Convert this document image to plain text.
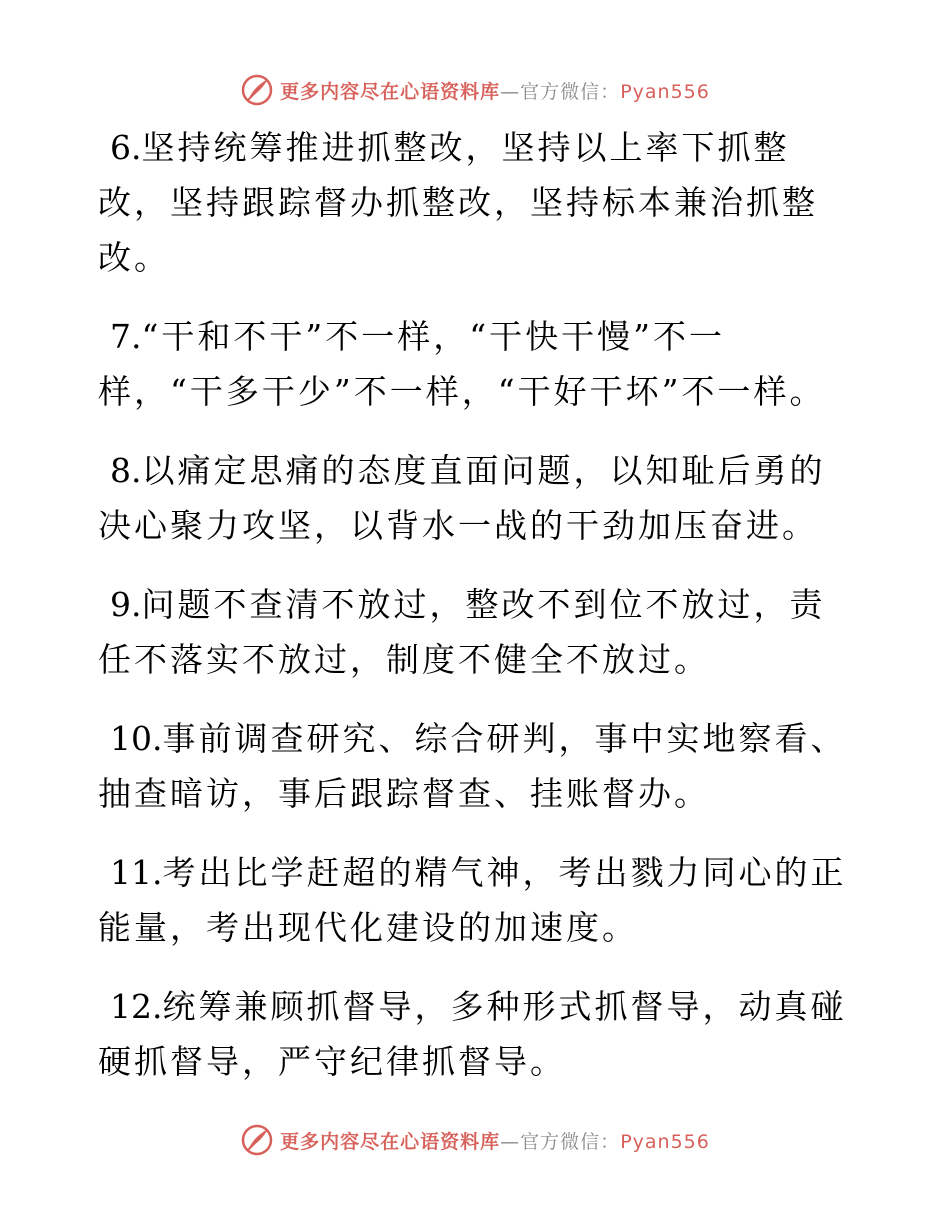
更多内容尽在心语资料库—官方微信：Pyan556

6.坚持统筹推进抓整改，坚持以上率下抓整改，坚持跟踪督办抓整改，坚持标本兼治抓整改。

7.“干和不干”不一样，“干快干慢”不一样，“干多干少”不一样，“干好干坏”不一样。

8.以痛定思痛的态度直面问题，以知耻后勇的决心聚力攻坚，以背水一战的干劲加压奋进。

9.问题不查清不放过，整改不到位不放过，责任不落实不放过，制度不健全不放过。

10.事前调查研究、综合研判，事中实地察看、抽查暗访，事后跟踪督查、挂账督办。

11.考出比学赶超的精气神，考出戮力同心的正能量，考出现代化建设的加速度。

12.统筹兼顾抓督导，多种形式抓督导，动真碰硬抓督导，严守纪律抓督导。

更多内容尽在心语资料库—官方微信：Pyan556
